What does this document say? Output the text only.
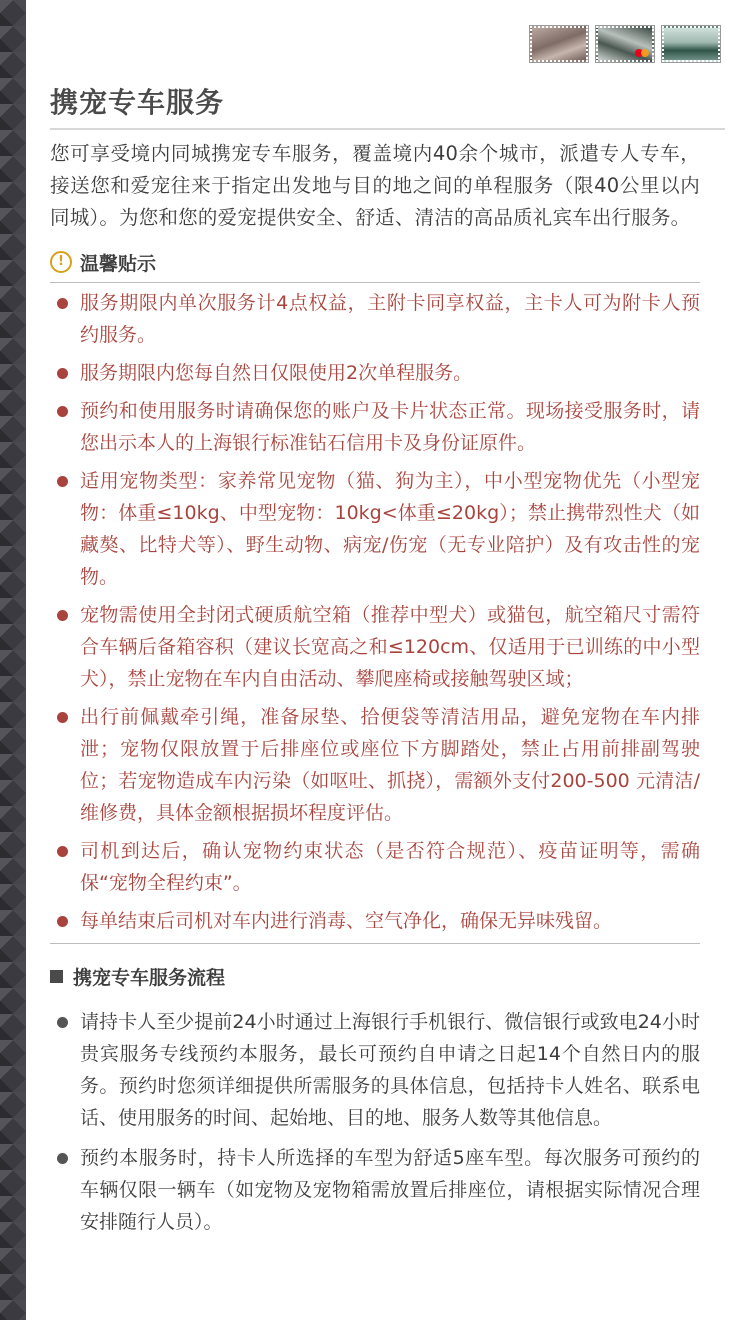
携宠专车服务

您可享受境内同城携宠专车服务，覆盖境内40余个城市，派遣专人专车，接送您和爱宠往来于指定出发地与目的地之间的单程服务（限40公里以内同城）。为您和您的爱宠提供安全、舒适、清洁的高品质礼宾车出行服务。

! 温馨贴示
服务期限内单次服务计4点权益，主附卡同享权益，主卡人可为附卡人预约服务。
服务期限内您每自然日仅限使用2次单程服务。
预约和使用服务时请确保您的账户及卡片状态正常。现场接受服务时，请您出示本人的上海银行标准钻石信用卡及身份证原件。
适用宠物类型：家养常见宠物（猫、狗为主），中小型宠物优先（小型宠物：体重≤10kg、中型宠物：10kg<体重≤20kg）；禁止携带烈性犬（如藏獒、比特犬等）、野生动物、病宠/伤宠（无专业陪护）及有攻击性的宠物。
宠物需使用全封闭式硬质航空箱（推荐中型犬）或猫包，航空箱尺寸需符合车辆后备箱容积（建议长宽高之和≤120cm、仅适用于已训练的中小型犬），禁止宠物在车内自由活动、攀爬座椅或接触驾驶区域；
出行前佩戴牵引绳，准备尿垫、拾便袋等清洁用品，避免宠物在车内排泄；宠物仅限放置于后排座位或座位下方脚踏处，禁止占用前排副驾驶位；若宠物造成车内污染（如呕吐、抓挠），需额外支付200-500 元清洁/维修费，具体金额根据损坏程度评估。
司机到达后，确认宠物约束状态（是否符合规范）、疫苗证明等，需确保“宠物全程约束”。
每单结束后司机对车内进行消毒、空气净化，确保无异味残留。
携宠专车服务流程
请持卡人至少提前24小时通过上海银行手机银行、微信银行或致电24小时贵宾服务专线预约本服务，最长可预约自申请之日起14个自然日内的服务。预约时您须详细提供所需服务的具体信息，包括持卡人姓名、联系电话、使用服务的时间、起始地、目的地、服务人数等其他信息。
预约本服务时，持卡人所选择的车型为舒适5座车型。每次服务可预约的车辆仅限一辆车（如宠物及宠物箱需放置后排座位，请根据实际情况合理安排随行人员）。
